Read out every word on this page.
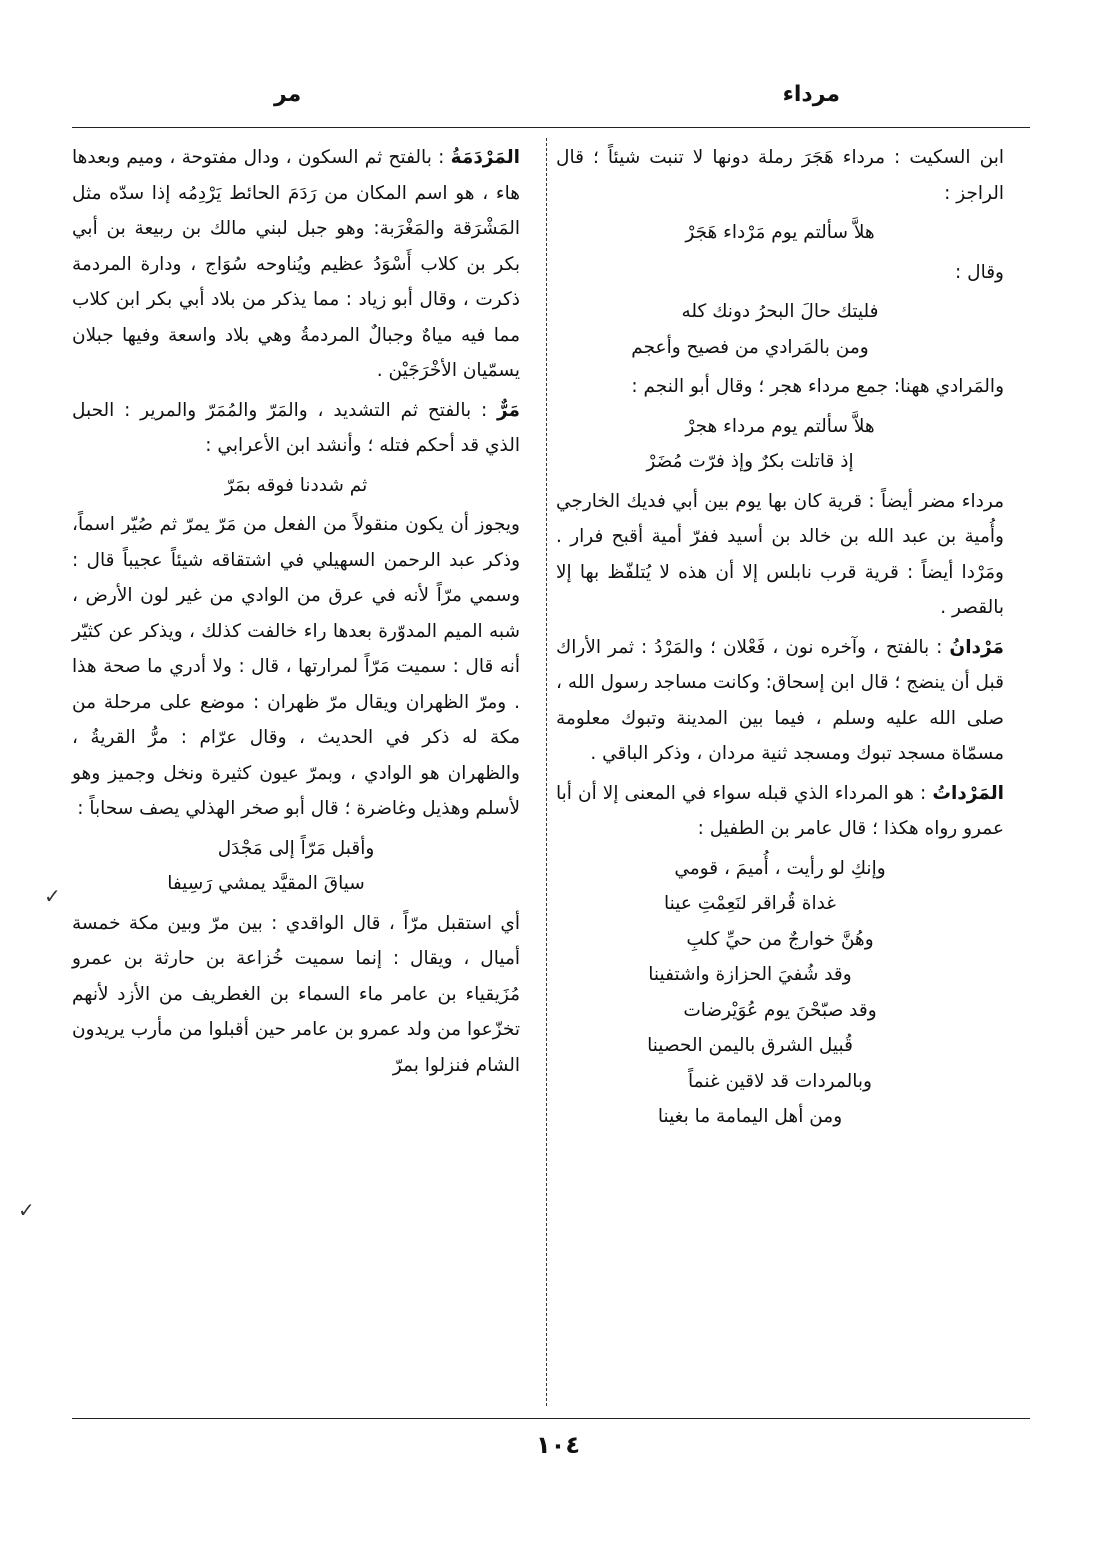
مرداء
مر

ابن السكيت : مرداء هَجَرَ رملة دونها لا تنبت شيئاً ؛ قال الراجز :

هلاَّ سألتم يوم مَرْداء هَجَرْ

وقال :

فليتك حالَ البحرُ دونك كله
ومن بالمَرادي من فصيح وأعجم

والمَرادي ههنا: جمع مرداء هجر ؛ وقال أبو النجم :

هلاَّ سألتم يوم مرداء هجرْ
إذ قاتلت بكرٌ وإذ فرّت مُضَرْ

مرداء مضر أيضاً : قرية كان بها يوم بين أبي فديك الخارجي وأُمية بن عبد الله بن خالد بن أسيد ففرّ أمية أقبح فرار . ومَرْدا أيضاً : قرية قرب نابلس إلا أن هذه لا يُتلفّظ بها إلا بالقصر .

مَرْدانُ : بالفتح ، وآخره نون ، فَعْلان ؛ والمَرْدُ : ثمر الأراك قبل أن ينضج ؛ قال ابن إسحاق: وكانت مساجد رسول الله ، صلى الله عليه وسلم ، فيما بين المدينة وتبوك معلومة مسمّاة مسجد تبوك ومسجد ثنية مردان ، وذكر الباقي .

المَرْداتُ : هو المرداء الذي قبله سواء في المعنى إلا أن أبا عمرو رواه هكذا ؛ قال عامر بن الطفيل :

وإنكِ لو رأيت ، أُميمَ ، قومي
غداة قُراقر لنَعِمْتِ عينا
وهُنَّ خوارجٌ من حيِّ كلبِ
وقد شُفيَ الحزازة واشتفينا
وقد صبّحْنَ يوم عُوَيْرضات
قُبيل الشرق باليمن الحصينا
وبالمردات قد لاقين غنماً
ومن أهل اليمامة ما بغينا

المَرْدَمَةُ : بالفتح ثم السكون ، ودال مفتوحة ، وميم وبعدها هاء ، هو اسم المكان من رَدَمَ الحائط يَرْدِمُه إذا سدّه مثل المَشْرَقة والمَغْرَبة: وهو جبل لبني مالك بن ربيعة بن أبي بكر بن كلاب أَسْوَدُ عظيم ويُناوحه سُوَاج ، ودارة المردمة ذكرت ، وقال أبو زياد : مما يذكر من بلاد أبي بكر ابن كلاب مما فيه مياهٌ وجبالٌ المردمةُ وهي بلاد واسعة وفيها جبلان يسمّيان الأخْرَجَيْن .

مَرٌّ : بالفتح ثم التشديد ، والمَرّ والمُمَرّ والمرير : الحبل الذي قد أحكم فتله ؛ وأنشد ابن الأعرابي :

ثم شددنا فوقه بمَرّ

ويجوز أن يكون منقولاً من الفعل من مَرّ يمرّ ثم صُيّر اسماً، وذكر عبد الرحمن السهيلي في اشتقاقه شيئاً عجيباً قال : وسمي مرّاً لأنه في عرق من الوادي من غير لون الأرض ، شبه الميم المدوّرة بعدها راء خالفت كذلك ، ويذكر عن كثيّر أنه قال : سميت مَرّاً لمرارتها ، قال : ولا أدري ما صحة هذا . ومرّ الظهران ويقال مرّ ظهران : موضع على مرحلة من مكة له ذكر في الحديث ، وقال عرّام : مرُّ القريةُ ، والظهران هو الوادي ، وبمرّ عيون كثيرة ونخل وجميز وهو لأسلم وهذيل وغاضرة ؛ قال أبو صخر الهذلي يصف سحاباً :

وأقبل مَرّاً إلى مَجْدَل
سياقَ المقيَّد يمشي رَسِيفا

أي استقبل مرّاً ، قال الواقدي : بين مرّ وبين مكة خمسة أميال ، ويقال : إنما سميت خُزاعة بن حارثة بن عمرو مُزَيقياء بن عامر ماء السماء بن الغطريف من الأزد لأنهم تخزّعوا من ولد عمرو بن عامر حين أقبلوا من مأرب يريدون الشام فنزلوا بمرّ

✓
✓
١٠٤
